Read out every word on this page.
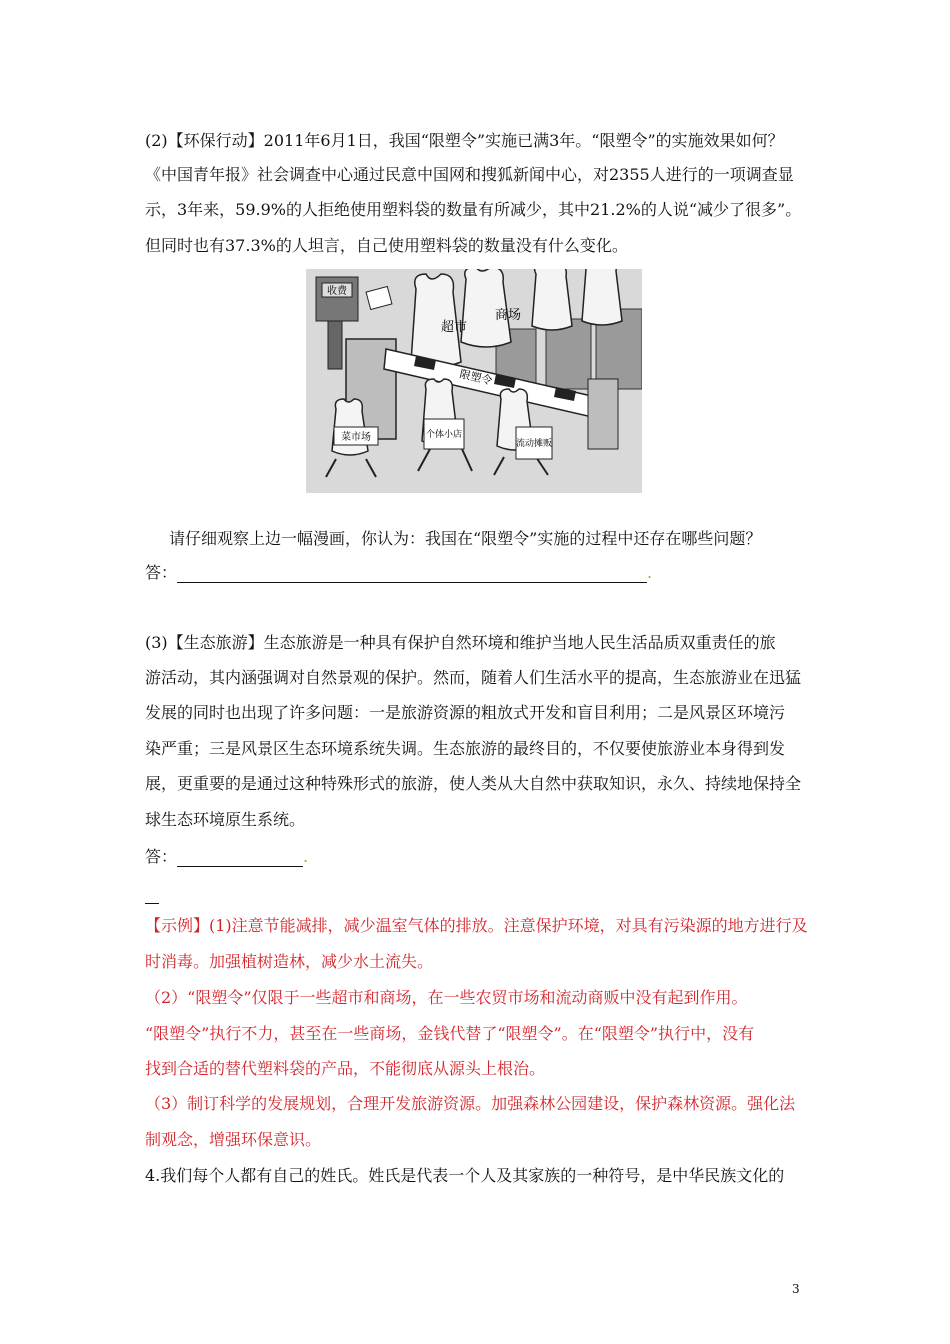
(2)【环保行动】2011年6月1日，我国“限塑令”实施已满3年。“限塑令”的实施效果如何？
《中国青年报》社会调查中心通过民意中国网和搜狐新闻中心，对2355人进行的一项调查显
示，3年来，59.9%的人拒绝使用塑料袋的数量有所减少，其中21.2%的人说“减少了很多”。
但同时也有37.3%的人坦言，自己使用塑料袋的数量没有什么变化。
收费
超市
商场
限塑令
菜市场	个体小店
流动摊贩
请仔细观察上边一幅漫画，你认为：我国在“限塑令”实施的过程中还存在哪些问题？
答：	.
(3)【生态旅游】生态旅游是一种具有保护自然环境和维护当地人民生活品质双重责任的旅
游活动，其内涵强调对自然景观的保护。然而，随着人们生活水平的提高，生态旅游业在迅猛
发展的同时也出现了许多问题：一是旅游资源的粗放式开发和盲目利用；二是风景区环境污
染严重；三是风景区生态环境系统失调。生态旅游的最终目的，不仅要使旅游业本身得到发
展，更重要的是通过这种特殊形式的旅游，使人类从大自然中获取知识，永久、持续地保持全
球生态环境原生系统。
答：	.
【示例】(1)注意节能减排，减少温室气体的排放。注意保护环境，对具有污染源的地方进行及
时消毒。加强植树造林，减少水土流失。
（2）“限塑令”仅限于一些超市和商场，在一些农贸市场和流动商贩中没有起到作用。
“限塑令”执行不力，甚至在一些商场，金钱代替了“限塑令”。在“限塑令”执行中，没有
找到合适的替代塑料袋的产品，不能彻底从源头上根治。
（3）制订科学的发展规划，合理开发旅游资源。加强森林公园建设，保护森林资源。强化法
制观念，增强环保意识。
4.我们每个人都有自己的姓氏。姓氏是代表一个人及其家族的一种符号，是中华民族文化的
3
